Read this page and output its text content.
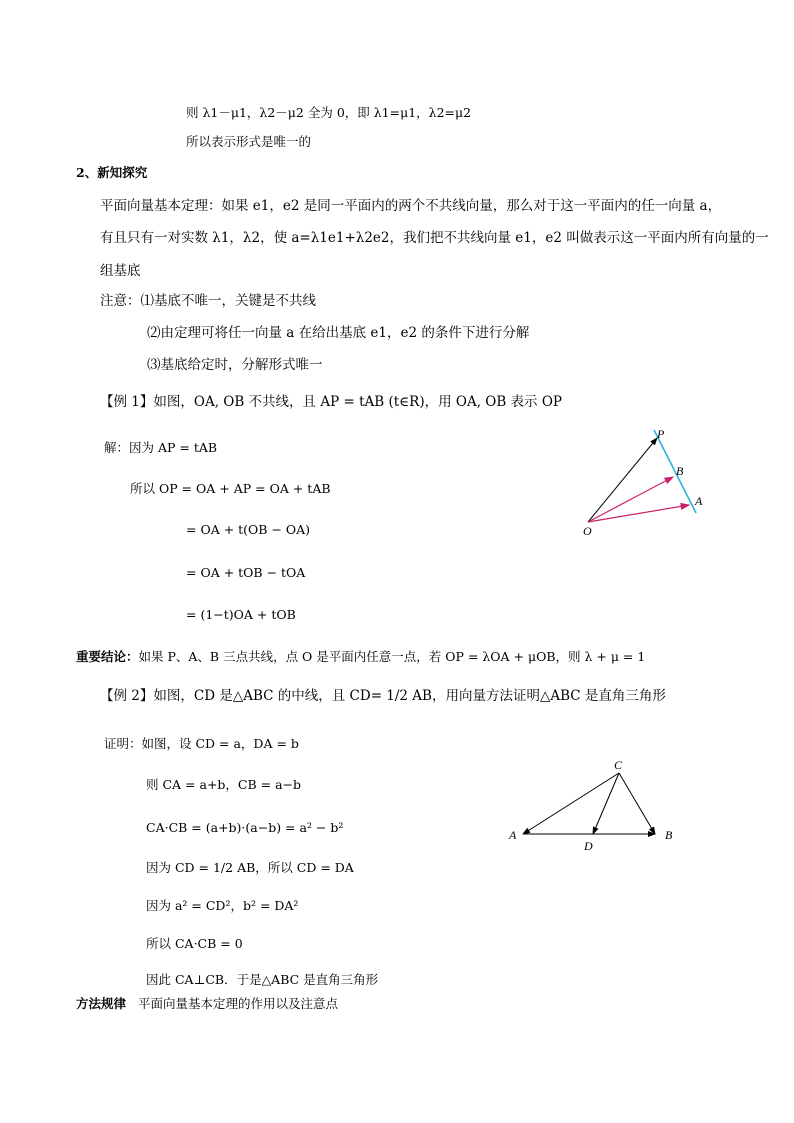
则 λ1－μ1，λ2－μ2 全为 0，即 λ1=μ1，λ2=μ2
所以表示形式是唯一的
2、新知探究
平面向量基本定理：如果 e1，e2 是同一平面内的两个不共线向量，那么对于这一平面内的任一向量 a，
有且只有一对实数 λ1，λ2，使 a=λ1e1+λ2e2，我们把不共线向量 e1，e2 叫做表示这一平面内所有向量的一
组基底
注意：⑴基底不唯一，关键是不共线
⑵由定理可将任一向量 a 在给出基底 e1，e2 的条件下进行分解
⑶基底给定时，分解形式唯一
【例 1】如图，OA, OB 不共线，且 AP = tAB (t∈R)，用 OA, OB 表示 OP
解：因为 AP = tAB
所以 OP = OA + AP = OA + tAB
= OA + t(OB − OA)
= OA + tOB − tOA
= (1−t)OA + tOB
P
B
A
O
重要结论：如果 P、A、B 三点共线，点 O 是平面内任意一点，若 OP = λOA + μOB，则 λ + μ = 1
【例 2】如图，CD 是△ABC 的中线，且 CD= 1/2 AB，用向量方法证明△ABC 是直角三角形
证明：如图，设 CD = a，DA = b
则 CA = a+b，CB = a−b
CA·CB = (a+b)·(a−b) = a² − b²
因为 CD = 1/2 AB，所以 CD = DA
因为 a² = CD²，b² = DA²
所以 CA·CB = 0
因此 CA⊥CB．于是△ABC 是直角三角形
C
A
D
B
方法规律 平面向量基本定理的作用以及注意点
